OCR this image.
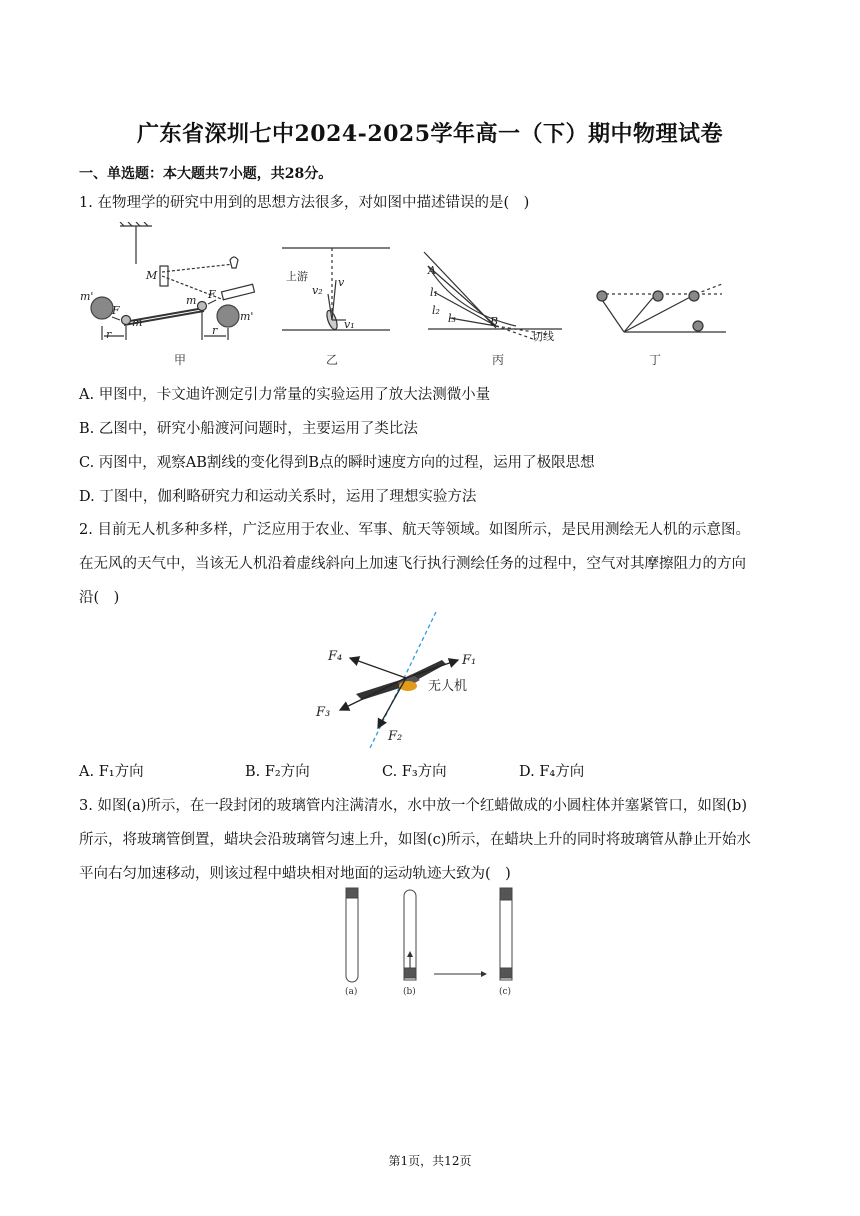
广东省深圳七中2024-2025学年高一（下）期中物理试卷
一、单选题：本大题共7小题，共28分。
1. 在物理学的研究中用到的思想方法很多，对如图中描述错误的是(　)
M
m'
F
m
r
m F
m'
r
甲
上游
v₂
v
v₁
乙
A
l₁
l₂
l₃	B
切线
丙	丁
A. 甲图中，卡文迪许测定引力常量的实验运用了放大法测微小量
B. 乙图中，研究小船渡河问题时，主要运用了类比法
C. 丙图中，观察AB割线的变化得到B点的瞬时速度方向的过程，运用了极限思想
D. 丁图中，伽利略研究力和运动关系时，运用了理想实验方法
2. 目前无人机多种多样，广泛应用于农业、军事、航天等领域。如图所示，是民用测绘无人机的示意图。
在无风的天气中，当该无人机沿着虚线斜向上加速飞行执行测绘任务的过程中，空气对其摩擦阻力的方向
沿(　)
F₄	F₁
无人机
F₃
F₂
A. F₁方向	B. F₂方向	C. F₃方向	D. F₄方向
3. 如图(a)所示，在一段封闭的玻璃管内注满清水，水中放一个红蜡做成的小圆柱体并塞紧管口，如图(b)
所示，将玻璃管倒置，蜡块会沿玻璃管匀速上升，如图(c)所示，在蜡块上升的同时将玻璃管从静止开始水
平向右匀加速移动，则该过程中蜡块相对地面的运动轨迹大致为(　)
(a)	(b)	(c)
第1页，共12页
